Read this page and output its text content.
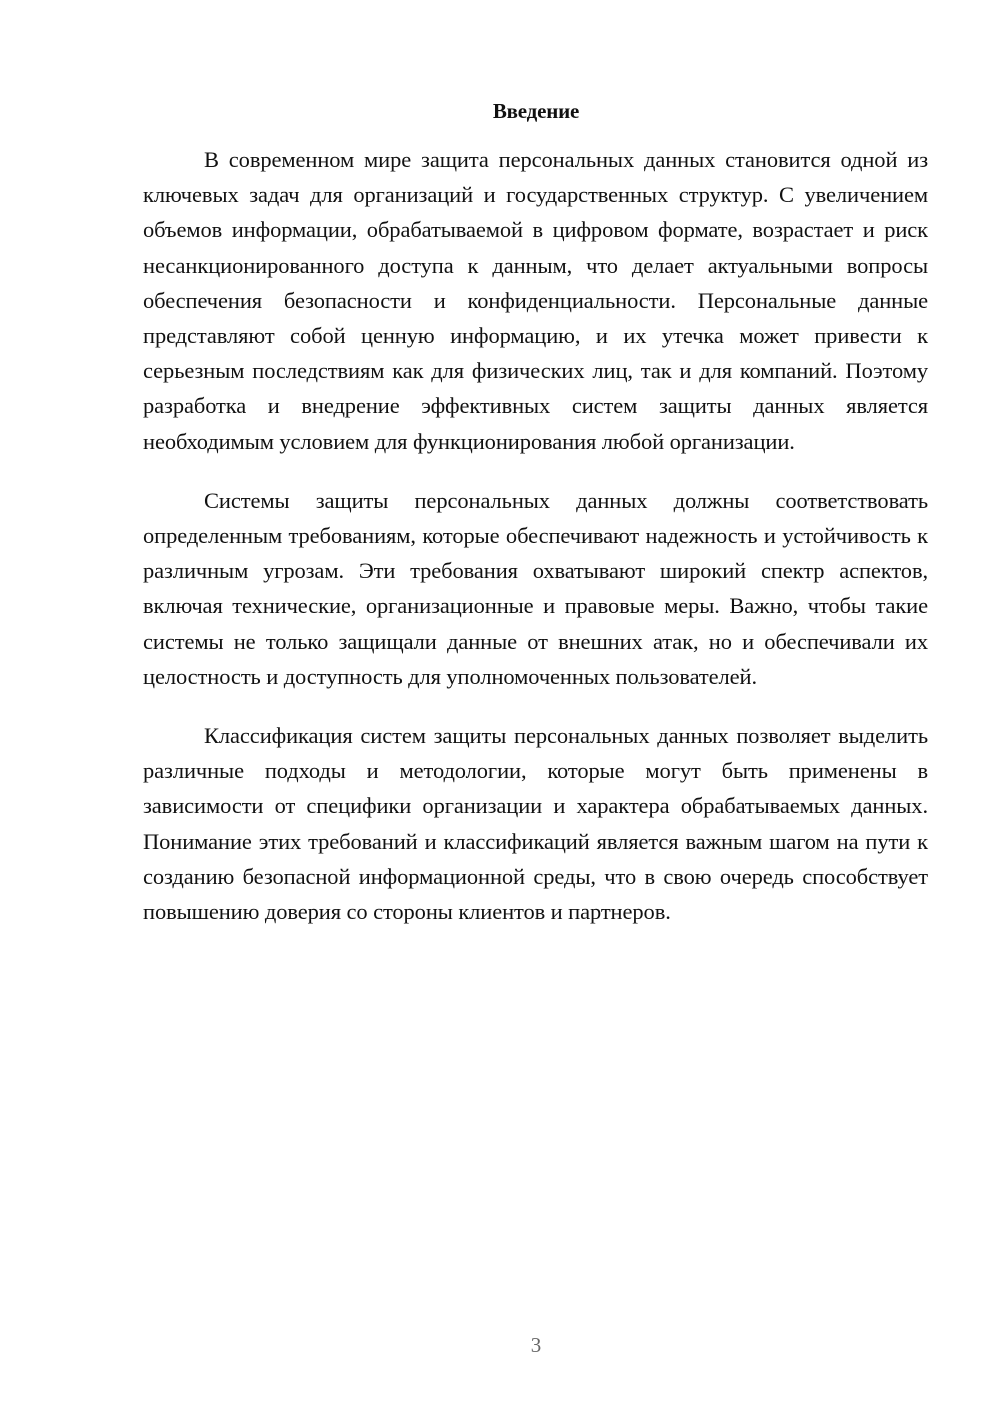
Введение

В современном мире защита персональных данных становится одной из ключевых задач для организаций и государственных структур. С увеличением объемов информации, обрабатываемой в цифровом формате, возрастает и риск несанкционированного доступа к данным, что делает актуальными вопросы обеспечения безопасности и конфиденциальности. Персональные данные представляют собой ценную информацию, и их утечка может привести к серьезным последствиям как для физических лиц, так и для компаний. Поэтому разработка и внедрение эффективных систем защиты данных является необходимым условием для функционирования любой организации.

Системы защиты персональных данных должны соответствовать определенным требованиям, которые обеспечивают надежность и устойчивость к различным угрозам. Эти требования охватывают широкий спектр аспектов, включая технические, организационные и правовые меры. Важно, чтобы такие системы не только защищали данные от внешних атак, но и обеспечивали их целостность и доступность для уполномоченных пользователей.

Классификация систем защиты персональных данных позволяет выделить различные подходы и методологии, которые могут быть применены в зависимости от специфики организации и характера обрабатываемых данных. Понимание этих требований и классификаций является важным шагом на пути к созданию безопасной информационной среды, что в свою очередь способствует повышению доверия со стороны клиентов и партнеров.

3
